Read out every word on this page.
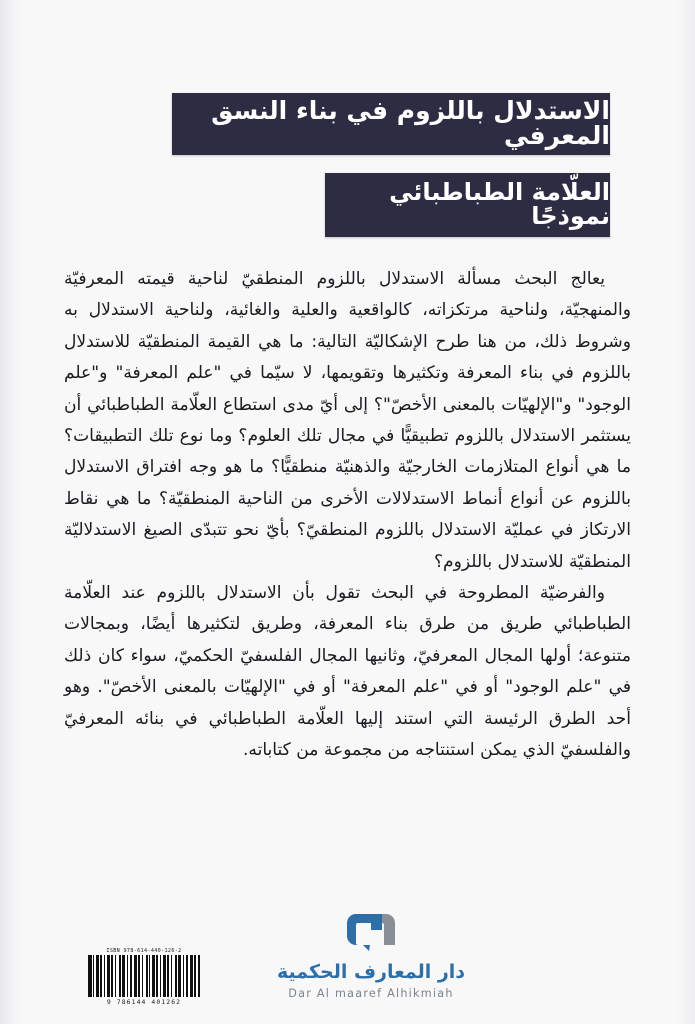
الاستدلال باللزوم في بناء النسق المعرفي
العلّامة الطباطبائي نموذجًا

يعالج البحث مسألة الاستدلال باللزوم المنطقيّ لناحية قيمته المعرفيّة والمنهجيّة، ولناحية مرتكزاته، كالواقعية والعلية والغائية، ولناحية الاستدلال به وشروط ذلك، من هنا طرح الإشكاليّة التالية: ما هي القيمة المنطقيّة للاستدلال باللزوم في بناء المعرفة وتكثيرها وتقويمها، لا سيّما في "علم المعرفة" و"علم الوجود" و"الإلهيّات بالمعنى الأخصّ"؟ إلى أيّ مدى استطاع العلّامة الطباطبائي أن يستثمر الاستدلال باللزوم تطبيقيًّا في مجال تلك العلوم؟ وما نوع تلك التطبيقات؟ ما هي أنواع المتلازمات الخارجيّة والذهنيّة منطقيًّا؟ ما هو وجه افتراق الاستدلال باللزوم عن أنواع أنماط الاستدلالات الأخرى من الناحية المنطقيّة؟ ما هي نقاط الارتكاز في عمليّة الاستدلال باللزوم المنطقيّ؟ بأيّ نحو تتبدّى الصيغ الاستدلاليّة المنطقيّة للاستدلال باللزوم؟

والفرضيّة المطروحة في البحث تقول بأن الاستدلال باللزوم عند العلّامة الطباطبائي طريق من طرق بناء المعرفة، وطريق لتكثيرها أيضًا، وبمجالات متنوعة؛ أولها المجال المعرفيّ، وثانيها المجال الفلسفيّ الحكميّ، سواء كان ذلك في "علم الوجود" أو في "علم المعرفة" أو في "الإلهيّات بالمعنى الأخصّ". وهو أحد الطرق الرئيسة التي استند إليها العلّامة الطباطبائي في بنائه المعرفيّ والفلسفيّ الذي يمكن استنتاجه من مجموعة من كتاباته.

ISBN 978-614-440-126-2
9 786144 401262
دار المعارف الحكمية
Dar Al maaref Alhikmiah
